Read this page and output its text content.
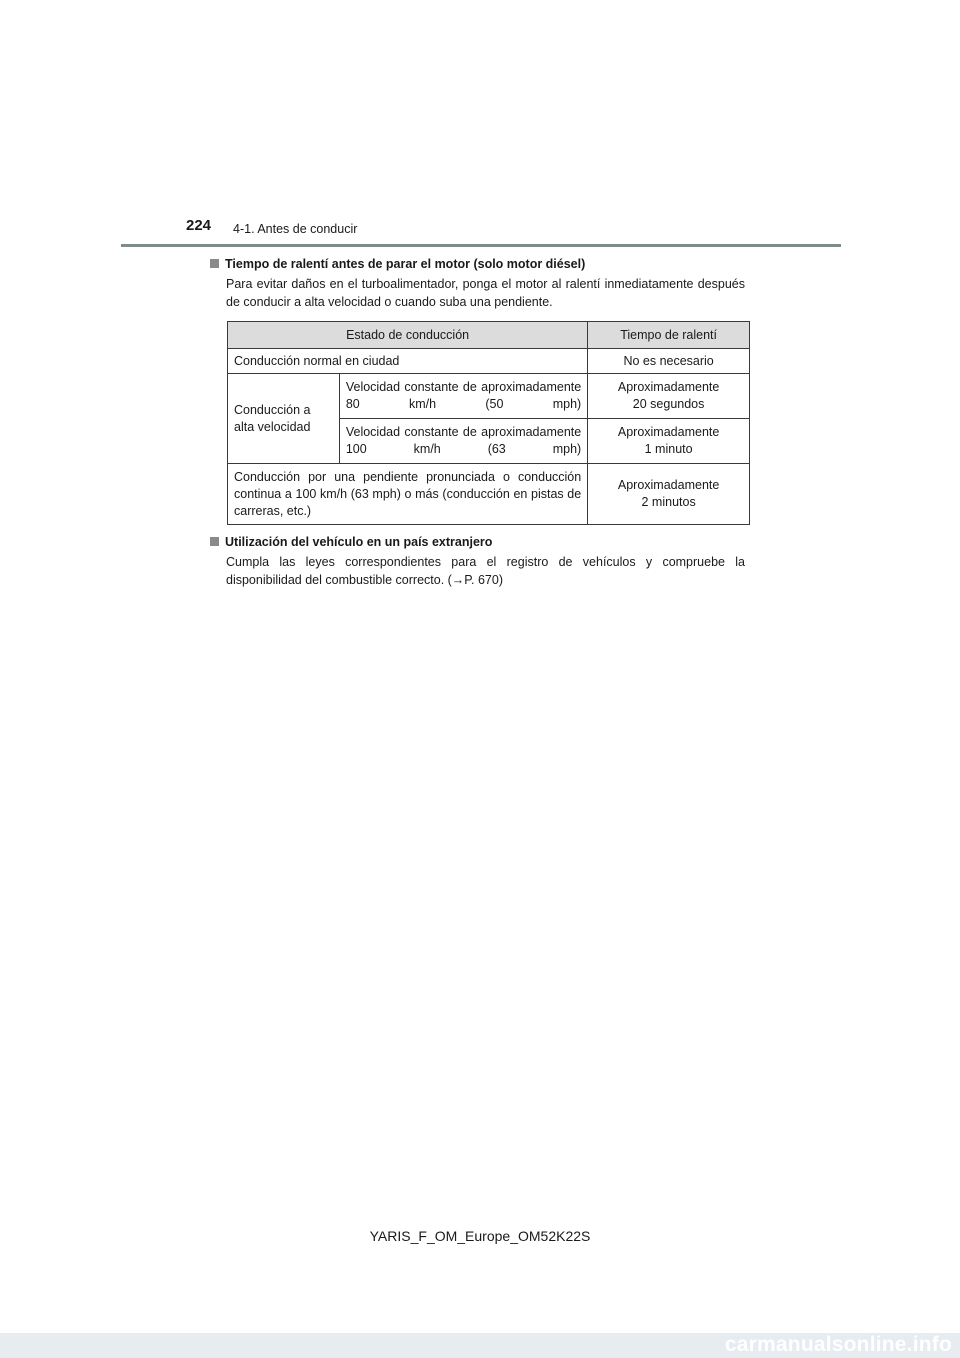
224 4-1. Antes de conducir
Tiempo de ralentí antes de parar el motor (solo motor diésel)
Para evitar daños en el turboalimentador, ponga el motor al ralentí inmediatamente después de conducir a alta velocidad o cuando suba una pendiente.
Estado de conducción		Tiempo de ralentí
Conducción normal en ciudad		No es necesario
Conducción a alta velocidad	Velocidad constante de aproximadamente 80 km/h (50 mph)	Aproximadamente
20 segundos

	Velocidad constante de aproximadamente 100 km/h (63 mph)	Aproximadamente
1 minuto

Conducción por una pendiente pronunciada o conducción continua a 100 km/h (63 mph) o más (conducción en pistas de carreras, etc.)		Aproximadamente
2 minutos
Utilización del vehículo en un país extranjero
Cumpla las leyes correspondientes para el registro de vehículos y compruebe la disponibilidad del combustible correcto. (→P. 670)
YARIS_F_OM_Europe_OM52K22S
carmanualsonline.info
